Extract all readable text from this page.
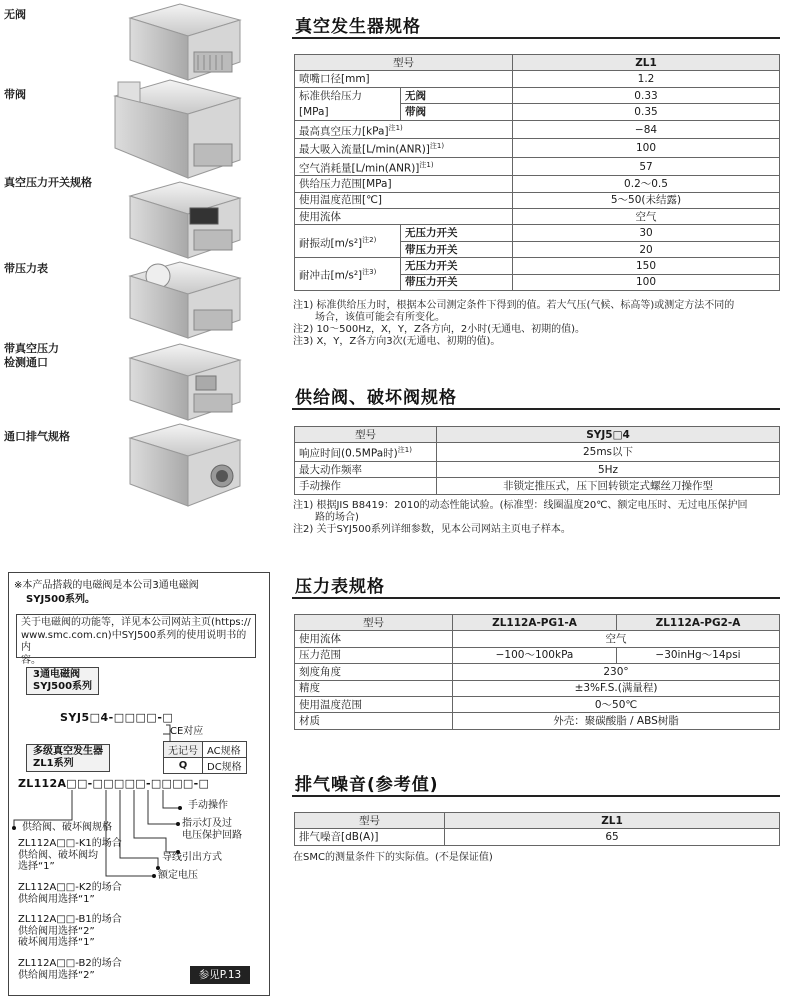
无阀
带阀
真空压力开关规格
带压力表
带真空压力
检测通口
通口排气规格
真空发生器规格
型号		ZL1
喷嘴口径[mm]		1.2

标准供给压力
[MPa]	无阀	0.33
	带阀	0.35
最高真空压力[kPa]$^{注1)}$		−84
最大吸入流量$[L/\min(ANR)]^{注1)}$		100
空气消耗量$[L/\min(ANR)]^{注1)}$		57
供给压力范围[MPa]		0.2～0.5
使用温度范围[℃]		5～50(未结露)
使用流体		空气
耐振动$[m/s^2]^{注2)}$	无压力开关	30
	带压力开关	20
耐冲击$[m/s^2]^{注3)}$	无压力开关	150
	带压力开关	100
注1) 标准供给压力时，根据本公司测定条件下得到的值。若大气压(气候、标高等)或测定方法不同的
场合，该值可能会有所变化。
注2) 10～500Hz，X，Y，Z各方向，2小时(无通电、初期的值)。
注3) X，Y，Z各方向3次(无通电、初期的值)。
供给阀、破坏阀规格
型号	SYJ5□4
响应时间(0.5MPa时)$^{注1)}$	25ms以下
最大动作频率	5Hz
手动操作	非锁定推压式，压下回转锁定式螺丝刀操作型
注1) 根据JIS B8419：2010的动态性能试验。(标准型：线圈温度20℃、额定电压时、无过电压保护回
路的场合)
注2) 关于SYJ500系列详细参数，见本公司网站主页电子样本。
压力表规格
型号	ZL112A-PG1-A	ZL112A-PG2-A
使用流体	空气	
压力范围	−100～100kPa	−30inHg～14psi
刻度角度	230°	
精度	±3%F.S.(满量程)	
使用温度范围	0～50℃	
材质	外壳：聚碳酸脂 / ABS树脂	
排气噪音(参考值)
型号	ZL1
排气噪音[dB(A)]	65
在SMC的测量条件下的实际值。(不是保证值)
※本产品搭载的电磁阀是本公司3通电磁阀
SYJ500系列。
关于电磁阀的功能等，详见本公司网站主页(https://
www.smc.com.cn)中SYJ500系列的使用说明书的内
容。
3通电磁阀
SYJ500系列
SYJ5□4-□□□□-□
CE对应
无记号	AC规格
Q	DC规格
多级真空发生器
ZL1系列
ZL112A□□-□□□□□-□□□□-□
手动操作
指示灯及过
电压保护回路
导线引出方式
额定电压
供给阀、破坏阀规格
ZL112A□□-K1的场合
供给阀、破坏阀均
选择“1”
ZL112A□□-K2的场合
供给阀用选择“1”
ZL112A□□-B1的场合
供给阀用选择“2”
破坏阀用选择“1”
ZL112A□□-B2的场合
供给阀用选择“2”	参见P.13
